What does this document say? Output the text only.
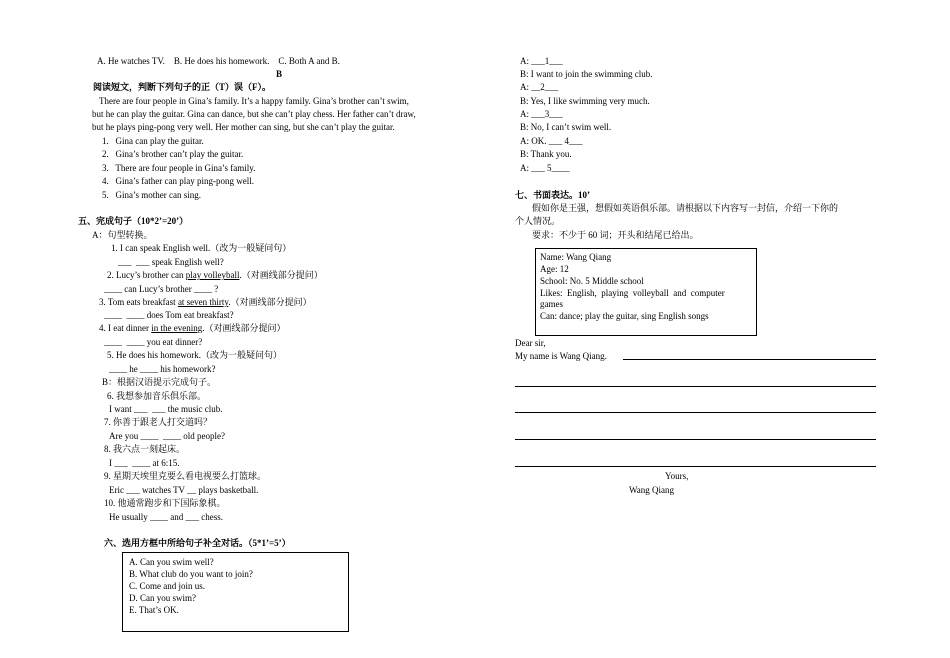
A. He watches TV.    B. He does his homework.    C. Both A and B.
B
阅读短文，判断下列句子的正（T）误（F）。
There are four people in Gina’s family. It’s a happy family. Gina’s brother can’t swim,
but he can play the guitar. Gina can dance, but she can’t play chess. Her father can’t draw,
but he plays ping-pong very well. Her mother can sing, but she can’t play the guitar.
1.   Gina can play the guitar.
2.   Gina’s brother can’t play the guitar.
3.   There are four people in Gina’s family.
4.   Gina’s father can play ping-pong well.
5.   Gina’s mother can sing.
五、完成句子（10*2’=20’）
A：句型转换。
1. I can speak English well.（改为一般疑问句）
___  ___ speak English well?
2. Lucy’s brother can play volleyball.（对画线部分提问）
____ can Lucy’s brother ____ ?
3. Tom eats breakfast at seven thirty.（对画线部分提问）
____  ____ does Tom eat breakfast?
4. I eat dinner in the evening.（对画线部分提问）
____  ____ you eat dinner?
5. He does his homework.（改为一般疑问句）
____ he ____ his homework?
B：根据汉语提示完成句子。
6. 我想参加音乐俱乐部。
I want ___  ___ the music club.
7. 你善于跟老人打交道吗？
Are you ____  ____ old people?
8. 我六点一刻起床。
I ___  ____ at 6:15.
9. 星期天埃里克要么看电视要么打篮球。
Eric ___ watches TV __ plays basketball.
10. 他通常跑步和下国际象棋。
He usually ____ and ___ chess.
六、选用方框中所给句子补全对话。（5*1’=5’）
A. Can you swim well?
B. What club do you want to join?
C. Come and join us.
D. Can you swim?
E. That’s OK.
A: ___1___
B: I want to join the swimming club.
A: __2___
B: Yes, I like swimming very much.
A: ___3___
B: No, I can’t swim well.
A: OK. ___ 4___
B: Thank you.
A: ___ 5____
七、书面表达。10’
假如你是王强，想假如英语俱乐部。请根据以下内容写一封信，介绍一下你的
个人情况。
要求：不少于 60 词；开头和结尾已给出。
Name: Wang Qiang
Age: 12
School: No. 5 Middle school
Likes:  English,  playing  volleyball  and  computer
games
Can: dance; play the guitar, sing English songs
Dear sir,
My name is Wang Qiang.
Yours,
Wang Qiang
